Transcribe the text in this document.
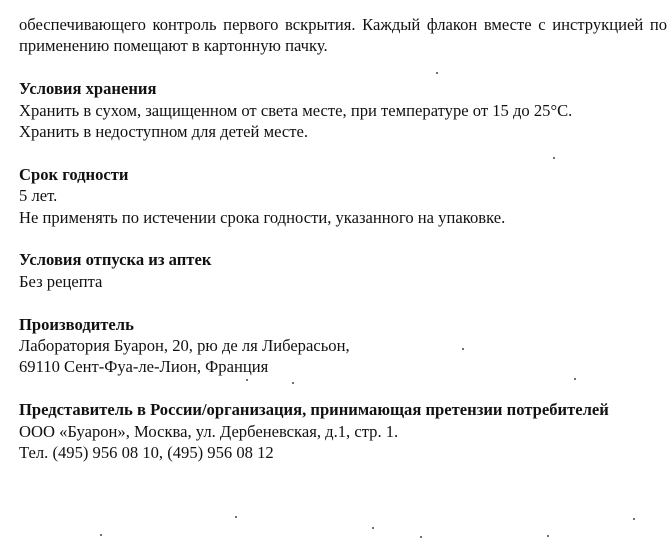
обеспечивающего контроль первого вскрытия. Каждый флакон вместе с инструкцией по применению помещают в картонную пачку.

Условия хранения

Хранить в сухом, защищенном от света месте, при температуре от 15 до 25°С.

Хранить в недоступном для детей месте.

Срок годности

5 лет.

Не применять по истечении срока годности, указанного на упаковке.

Условия отпуска из аптек

Без рецепта

Производитель

Лаборатория Буарон, 20, рю де ля Либерасьон,

69110 Сент-Фуа-ле-Лион, Франция

Представитель в России/организация, принимающая претензии потребителей

ООО «Буарон», Москва, ул. Дербеневская, д.1, стр. 1.

Тел. (495) 956 08 10, (495) 956 08 12
